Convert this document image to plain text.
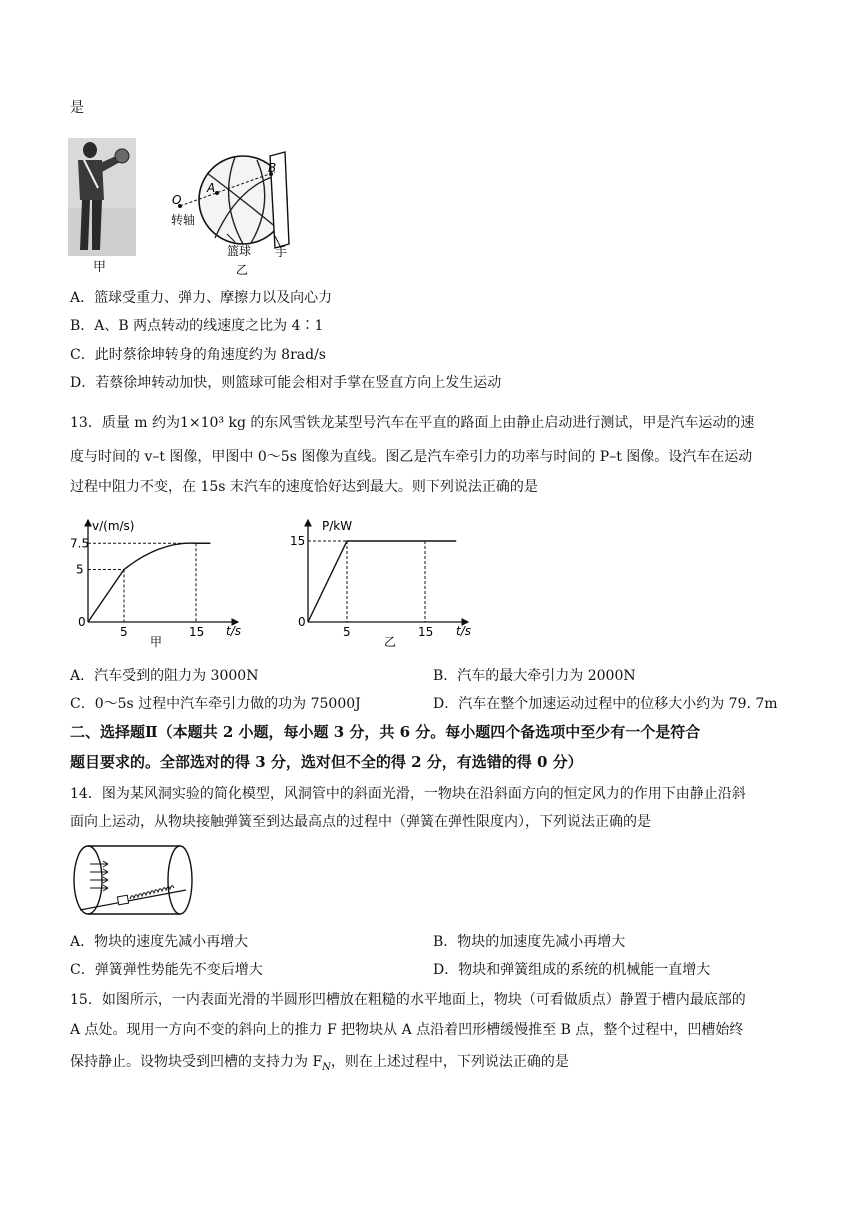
是
甲
O
A
B
转轴
篮球 手
乙
A．篮球受重力、弹力、摩擦力以及向心力
B．A、B 两点转动的线速度之比为 4∶1
C．此时蔡徐坤转身的角速度约为 8rad/s
D．若蔡徐坤转动加快，则篮球可能会相对手掌在竖直方向上发生运动
13．质量 m 约为1×10³ kg 的东风雪铁龙某型号汽车在平直的路面上由静止启动进行测试，甲是汽车运动的速
度与时间的 v–t 图像，甲图中 0～5s 图像为直线。图乙是汽车牵引力的功率与时间的 P–t 图像。设汽车在运动
过程中阻力不变，在 15s 末汽车的速度恰好达到最大。则下列说法正确的是
v/(m/s)
t/s
0
5	15
5
7.5
甲
P/kW
t/s
0
5	15
15
乙
A．汽车受到的阻力为 3000N	B．汽车的最大牵引力为 2000N
C．0～5s 过程中汽车牵引力做的功为 75000J	D．汽车在整个加速运动过程中的位移大小约为 79. 7m
二、选择题Ⅱ（本题共 2 小题，每小题 3 分，共 6 分。每小题四个备选项中至少有一个是符合
题目要求的。全部选对的得 3 分，选对但不全的得 2 分，有选错的得 0 分）
14．图为某风洞实验的简化模型，风洞管中的斜面光滑，一物块在沿斜面方向的恒定风力的作用下由静止沿斜
面向上运动，从物块接触弹簧至到达最高点的过程中（弹簧在弹性限度内），下列说法正确的是
A．物块的速度先减小再增大	B．物块的加速度先减小再增大
C．弹簧弹性势能先不变后增大	D．物块和弹簧组成的系统的机械能一直增大
15．如图所示，一内表面光滑的半圆形凹槽放在粗糙的水平地面上，物块（可看做质点）静置于槽内最底部的
A 点处。现用一方向不变的斜向上的推力 F 把物块从 A 点沿着凹形槽缓慢推至 B 点，整个过程中，凹槽始终
保持静止。设物块受到凹槽的支持力为 $F_N$，则在上述过程中，下列说法正确的是
